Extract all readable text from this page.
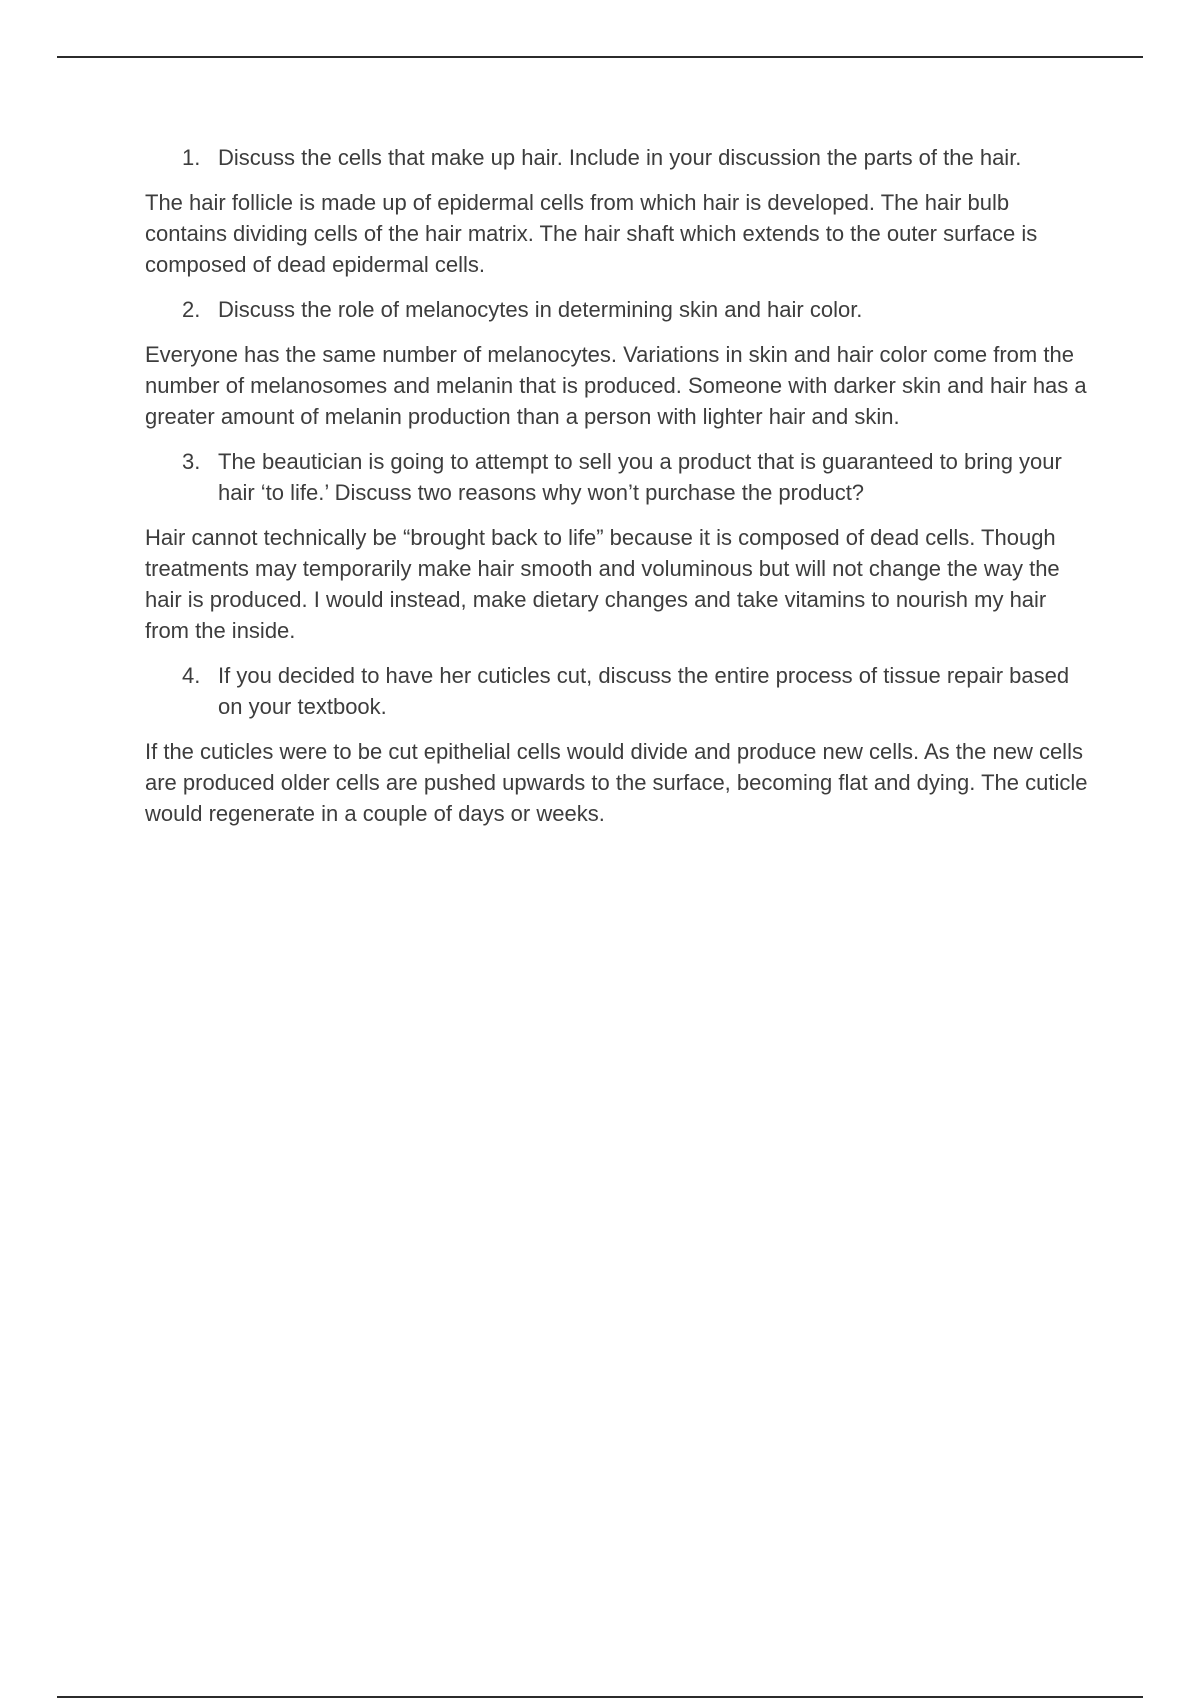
1. Discuss the cells that make up hair. Include in your discussion the parts of the hair.

The hair follicle is made up of epidermal cells from which hair is developed. The hair bulb contains dividing cells of the hair matrix. The hair shaft which extends to the outer surface is composed of dead epidermal cells.

2. Discuss the role of melanocytes in determining skin and hair color.

Everyone has the same number of melanocytes. Variations in skin and hair color come from the number of melanosomes and melanin that is produced. Someone with darker skin and hair has a greater amount of melanin production than a person with lighter hair and skin.

3. The beautician is going to attempt to sell you a product that is guaranteed to bring your hair ‘to life.’ Discuss two reasons why won’t purchase the product?

Hair cannot technically be “brought back to life” because it is composed of dead cells. Though treatments may temporarily make hair smooth and voluminous but will not change the way the hair is produced. I would instead, make dietary changes and take vitamins to nourish my hair from the inside.

4. If you decided to have her cuticles cut, discuss the entire process of tissue repair based on your textbook.

If the cuticles were to be cut epithelial cells would divide and produce new cells. As the new cells are produced older cells are pushed upwards to the surface, becoming flat and dying. The cuticle would regenerate in a couple of days or weeks.
